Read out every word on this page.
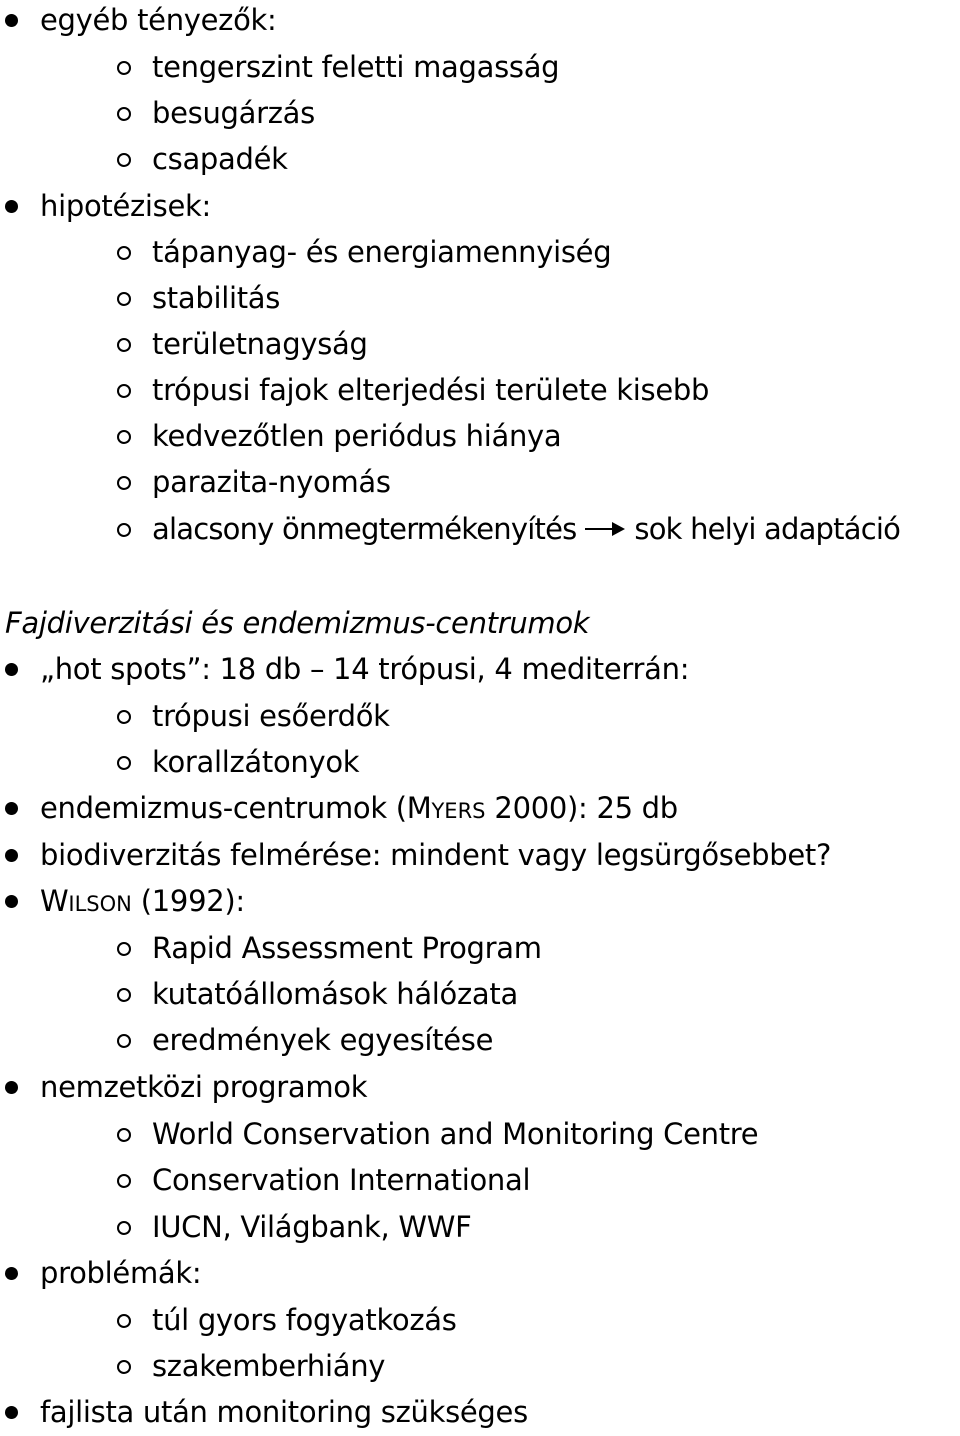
egyéb tényezők:
tengerszint feletti magasság
besugárzás
csapadék
hipotézisek:
tápanyag- és energiamennyiség
stabilitás
területnagyság
trópusi fajok elterjedési területe kisebb
kedvezőtlen periódus hiánya
parazita-nyomás
alacsony önmegtermékenyítés sok helyi adaptáció
Fajdiverzitási és endemizmus-centrumok
„hot spots”: 18 db – 14 trópusi, 4 mediterrán:
trópusi esőerdők
korallzátonyok
endemizmus-centrumok (MYERS 2000): 25 db
biodiverzitás felmérése: mindent vagy legsürgősebbet?
WILSON (1992):
Rapid Assessment Program
kutatóállomások hálózata
eredmények egyesítése
nemzetközi programok
World Conservation and Monitoring Centre
Conservation International
IUCN, Világbank, WWF
problémák:
túl gyors fogyatkozás
szakemberhiány
fajlista után monitoring szükséges
